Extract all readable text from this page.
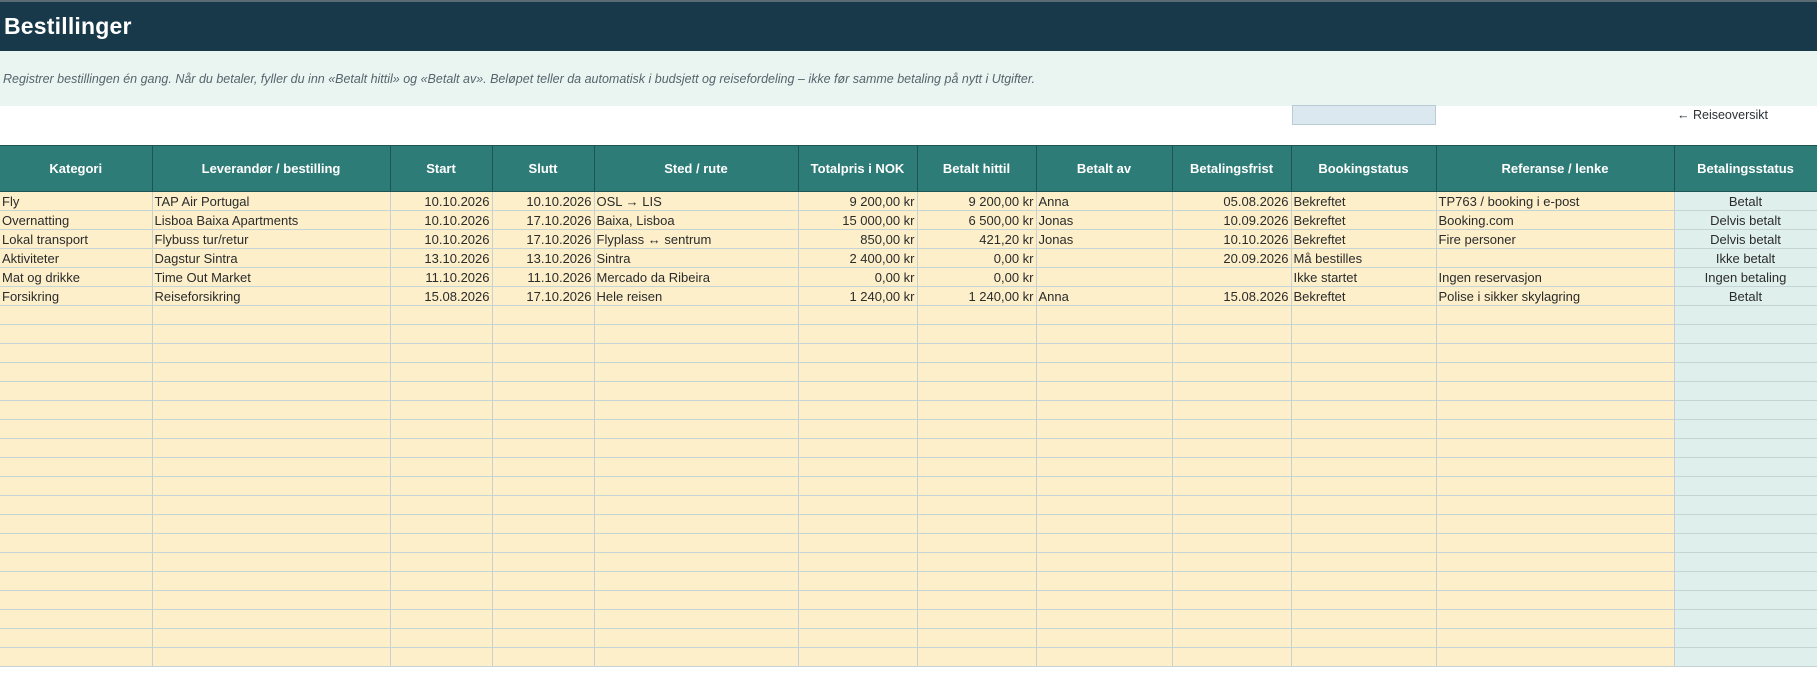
Bestillinger
Registrer bestillingen én gang. Når du betaler, fyller du inn «Betalt hittil» og «Betalt av». Beløpet teller da automatisk i budsjett og reisefordeling – ikke før samme betaling på nytt i Utgifter.
← Reiseoversikt
Kategori	Leverandør / bestilling	Start	Slutt	Sted / rute	Totalpris i NOK	Betalt hittil	Betalt av	Betalingsfrist	Bookingstatus	Referanse / lenke	Betalingsstatus
Fly	TAP Air Portugal	10.10.2026	10.10.2026	OSL → LIS	9 200,00 kr	9 200,00 kr	Anna	05.08.2026	Bekreftet	TP763 / booking i e-post	Betalt
Overnatting	Lisboa Baixa Apartments	10.10.2026	17.10.2026	Baixa, Lisboa	15 000,00 kr	6 500,00 kr	Jonas	10.09.2026	Bekreftet	Booking.com	Delvis betalt
Lokal transport	Flybuss tur/retur	10.10.2026	17.10.2026	Flyplass ↔ sentrum	850,00 kr	421,20 kr	Jonas	10.10.2026	Bekreftet	Fire personer	Delvis betalt
Aktiviteter	Dagstur Sintra	13.10.2026	13.10.2026	Sintra	2 400,00 kr	0,00 kr		20.09.2026	Må bestilles		Ikke betalt
Mat og drikke	Time Out Market	11.10.2026	11.10.2026	Mercado da Ribeira	0,00 kr	0,00 kr			Ikke startet	Ingen reservasjon	Ingen betaling
Forsikring	Reiseforsikring	15.08.2026	17.10.2026	Hele reisen	1 240,00 kr	1 240,00 kr	Anna	15.08.2026	Bekreftet	Polise i sikker skylagring	Betalt
